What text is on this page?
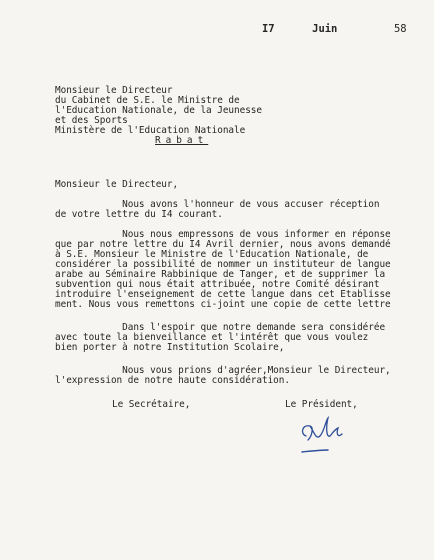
I7      Juin	58
Monsieur le Directeur
du Cabinet de S.E. le Ministre de
l'Education Nationale, de la Jeunesse
et des Sports
Ministère de l'Education Nationale
Rabat
Monsieur le Directeur,
Nous avons l'honneur de vous accuser réception
de votre lettre du I4 courant.
Nous nous empressons de vous informer en réponse
que par notre lettre du I4 Avril dernier, nous avons demandé
à S.E. Monsieur le Ministre de l'Education Nationale, de
considérer la possibilité de nommer un instituteur de langue
arabe au Séminaire Rabbinique de Tanger, et de supprimer la
subvention qui nous était attribuée, notre Comité désirant
introduire l'enseignement de cette langue dans cet Etablisse
ment. Nous vous remettons ci-joint une copie de cette lettre
Dans l'espoir que notre demande sera considérée
avec toute la bienveillance et l'intérêt que vous voulez
bien porter à notre Institution Scolaire,
Nous vous prions d'agréer,Monsieur le Directeur,
l'expression de notre haute considération.
Le Secrétaire,	Le Président,
